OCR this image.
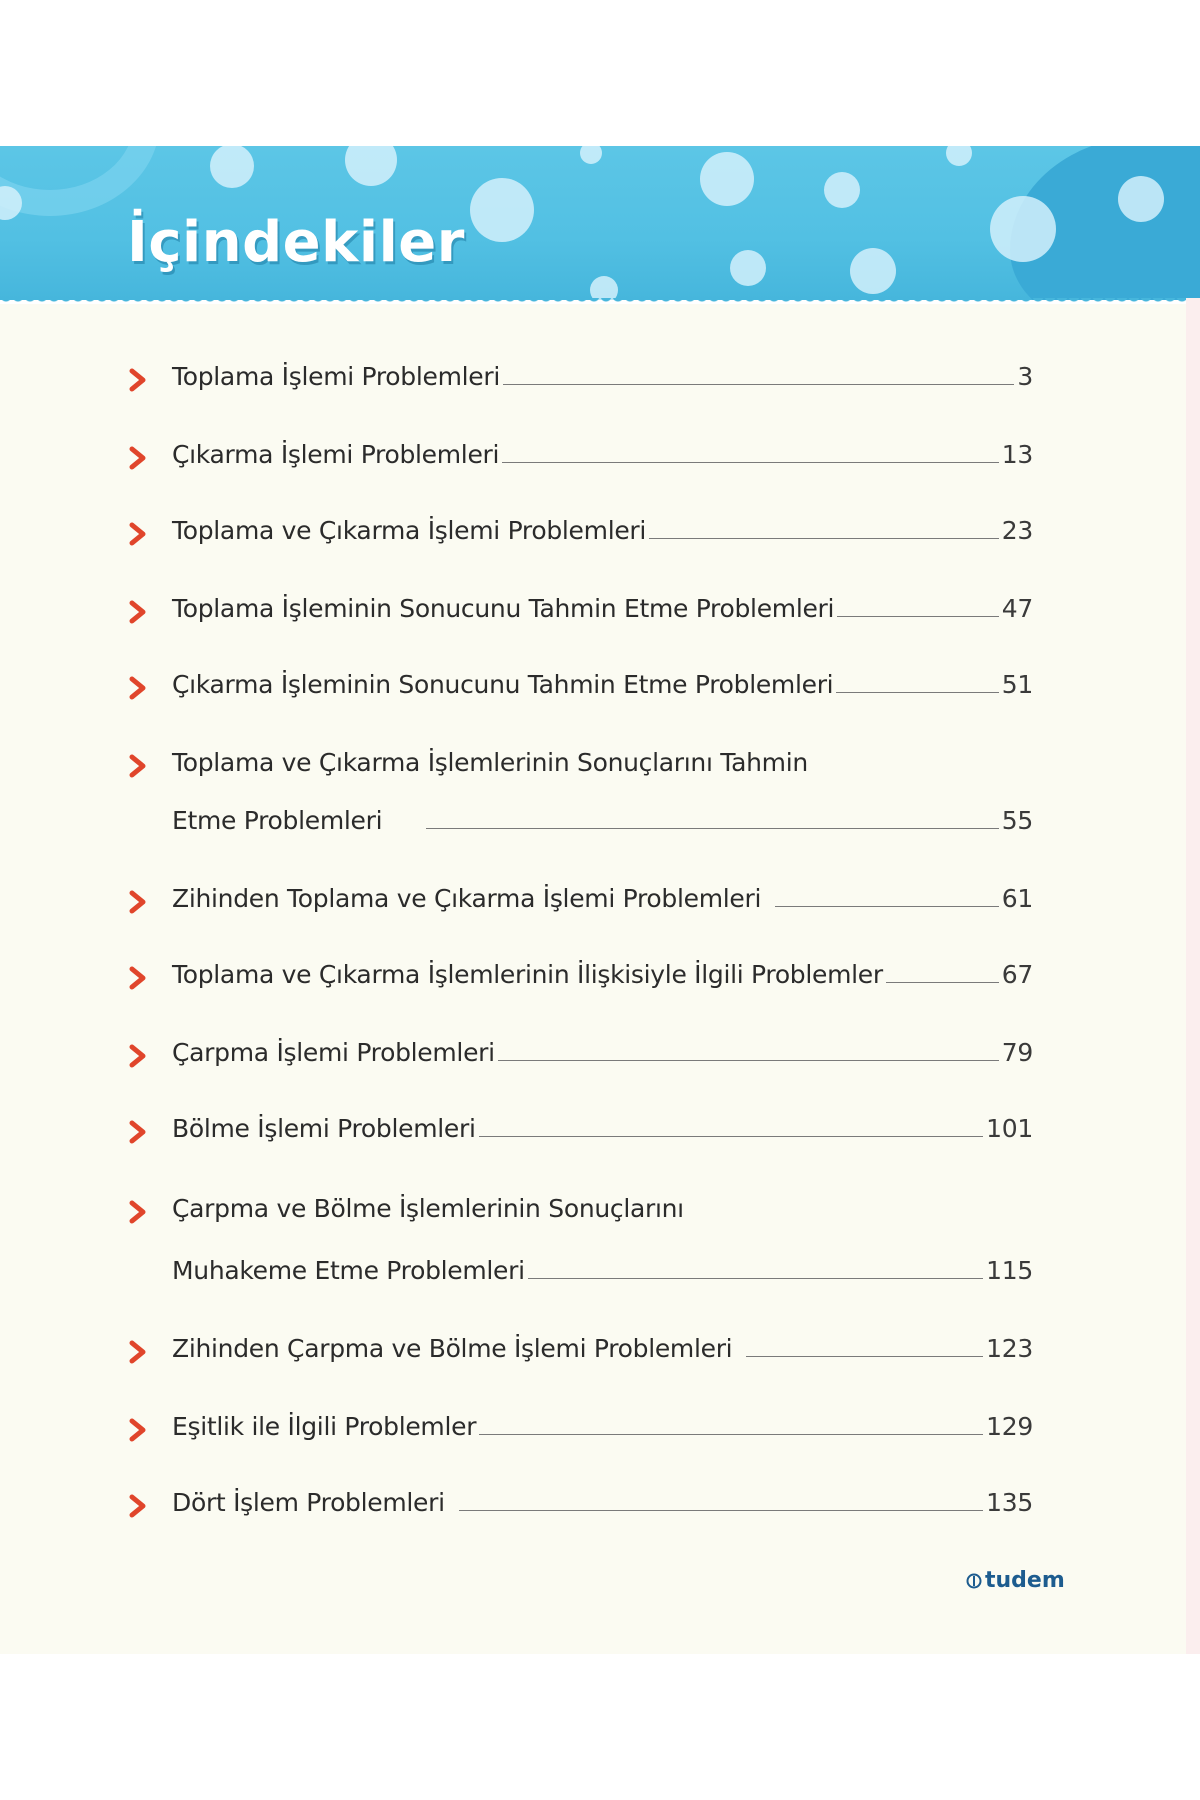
İçindekiler
Toplama İşlemi Problemleri	3
Çıkarma İşlemi Problemleri	13
Toplama ve Çıkarma İşlemi Problemleri	23
Toplama İşleminin Sonucunu Tahmin Etme Problemleri	47
Çıkarma İşleminin Sonucunu Tahmin Etme Problemleri	51
Toplama ve Çıkarma İşlemlerinin Sonuçlarını Tahmin
Etme Problemleri	55
Zihinden Toplama ve Çıkarma İşlemi Problemleri	61
Toplama ve Çıkarma İşlemlerinin İlişkisiyle İlgili Problemler	67
Çarpma İşlemi Problemleri	79
Bölme İşlemi Problemleri	101
Çarpma ve Bölme İşlemlerinin Sonuçlarını
Muhakeme Etme Problemleri	115
Zihinden Çarpma ve Bölme İşlemi Problemleri	123
Eşitlik ile İlgili Problemler	129
Dört İşlem Problemleri	135
tudem
